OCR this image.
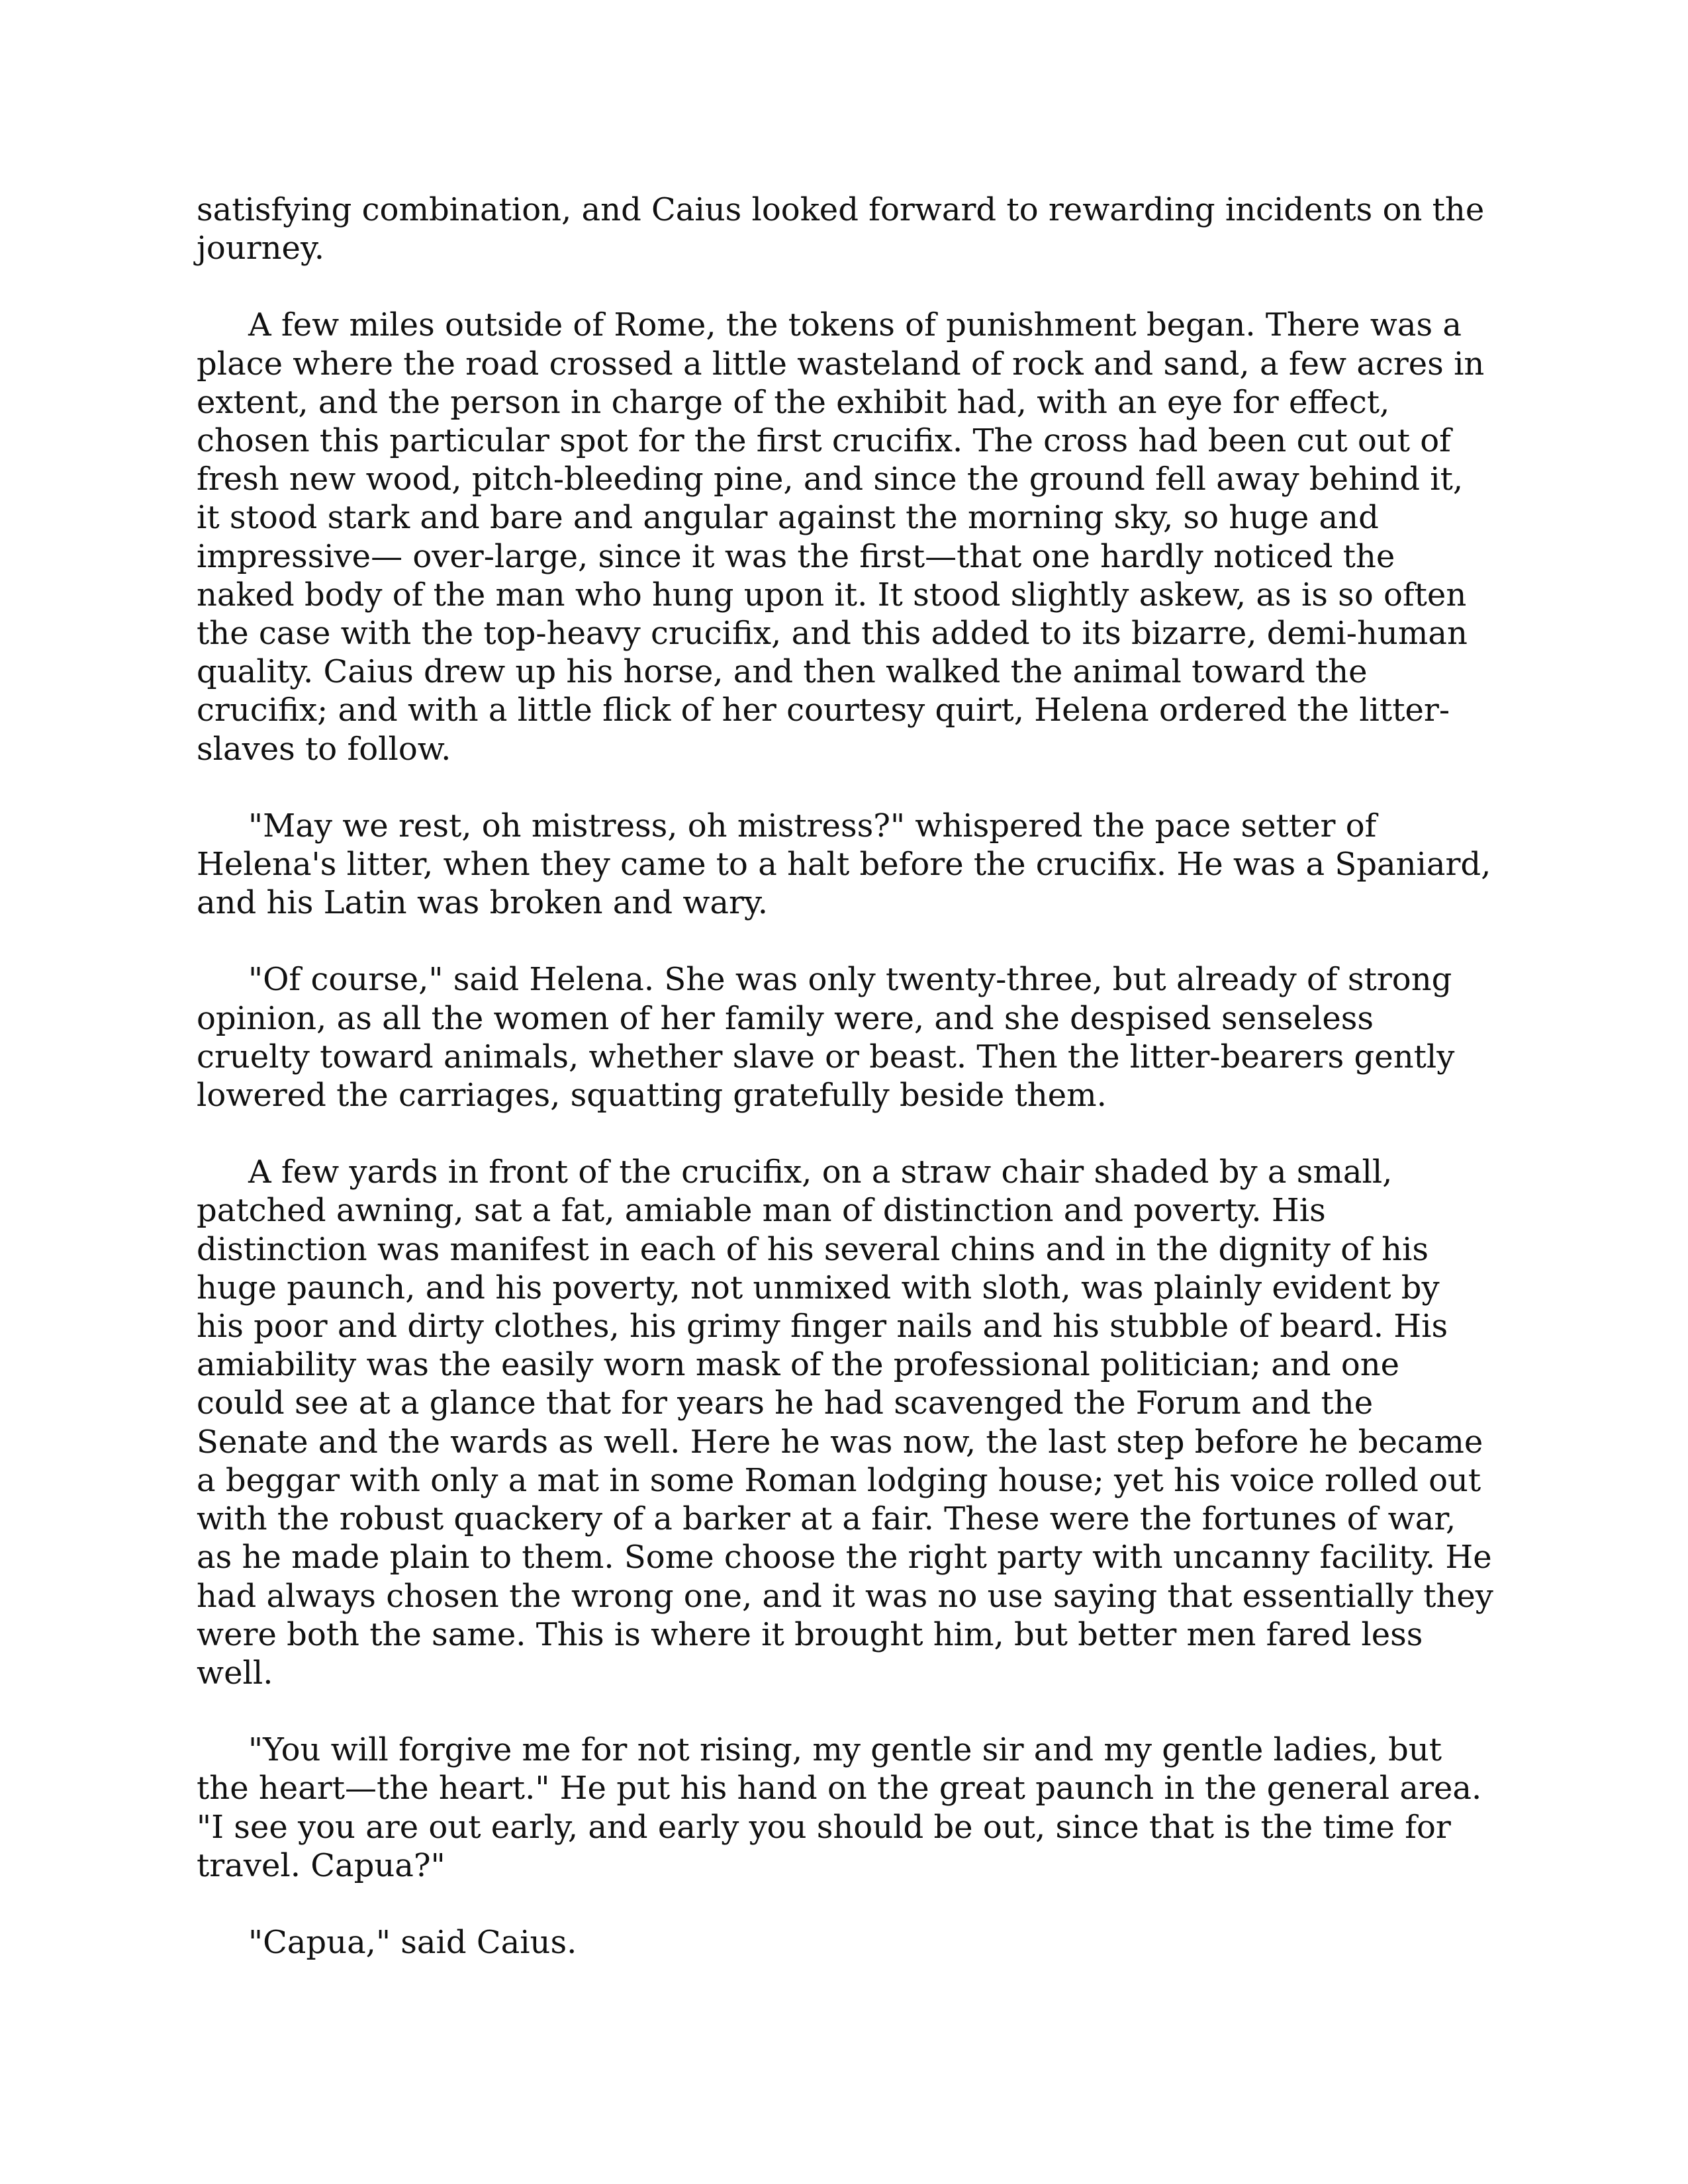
satisfying combination, and Caius looked forward to rewarding incidents on the journey.

A few miles outside of Rome, the tokens of punishment began. There was a place where the road crossed a little wasteland of rock and sand, a few acres in extent, and the person in charge of the exhibit had, with an eye for effect, chosen this particular spot for the first crucifix. The cross had been cut out of fresh new wood, pitch-bleeding pine, and since the ground fell away behind it, it stood stark and bare and angular against the morning sky, so huge and impressive— over-large, since it was the first—that one hardly noticed the naked body of the man who hung upon it. It stood slightly askew, as is so often the case with the top-heavy crucifix, and this added to its bizarre, demi-human quality. Caius drew up his horse, and then walked the animal toward the crucifix; and with a little flick of her courtesy quirt, Helena ordered the litter-slaves to follow.

"May we rest, oh mistress, oh mistress?" whispered the pace setter of Helena's litter, when they came to a halt before the crucifix. He was a Spaniard, and his Latin was broken and wary.

"Of course," said Helena. She was only twenty-three, but already of strong opinion, as all the women of her family were, and she despised senseless cruelty toward animals, whether slave or beast. Then the litter-bearers gently lowered the carriages, squatting gratefully beside them.

A few yards in front of the crucifix, on a straw chair shaded by a small, patched awning, sat a fat, amiable man of distinction and poverty. His distinction was manifest in each of his several chins and in the dignity of his huge paunch, and his poverty, not unmixed with sloth, was plainly evident by his poor and dirty clothes, his grimy finger nails and his stubble of beard. His amiability was the easily worn mask of the professional politician; and one could see at a glance that for years he had scavenged the Forum and the Senate and the wards as well. Here he was now, the last step before he became a beggar with only a mat in some Roman lodging house; yet his voice rolled out with the robust quackery of a barker at a fair. These were the fortunes of war, as he made plain to them. Some choose the right party with uncanny facility. He had always chosen the wrong one, and it was no use saying that essentially they were both the same. This is where it brought him, but better men fared less well.

"You will forgive me for not rising, my gentle sir and my gentle ladies, but the heart—the heart." He put his hand on the great paunch in the general area. "I see you are out early, and early you should be out, since that is the time for travel. Capua?"

"Capua," said Caius.
